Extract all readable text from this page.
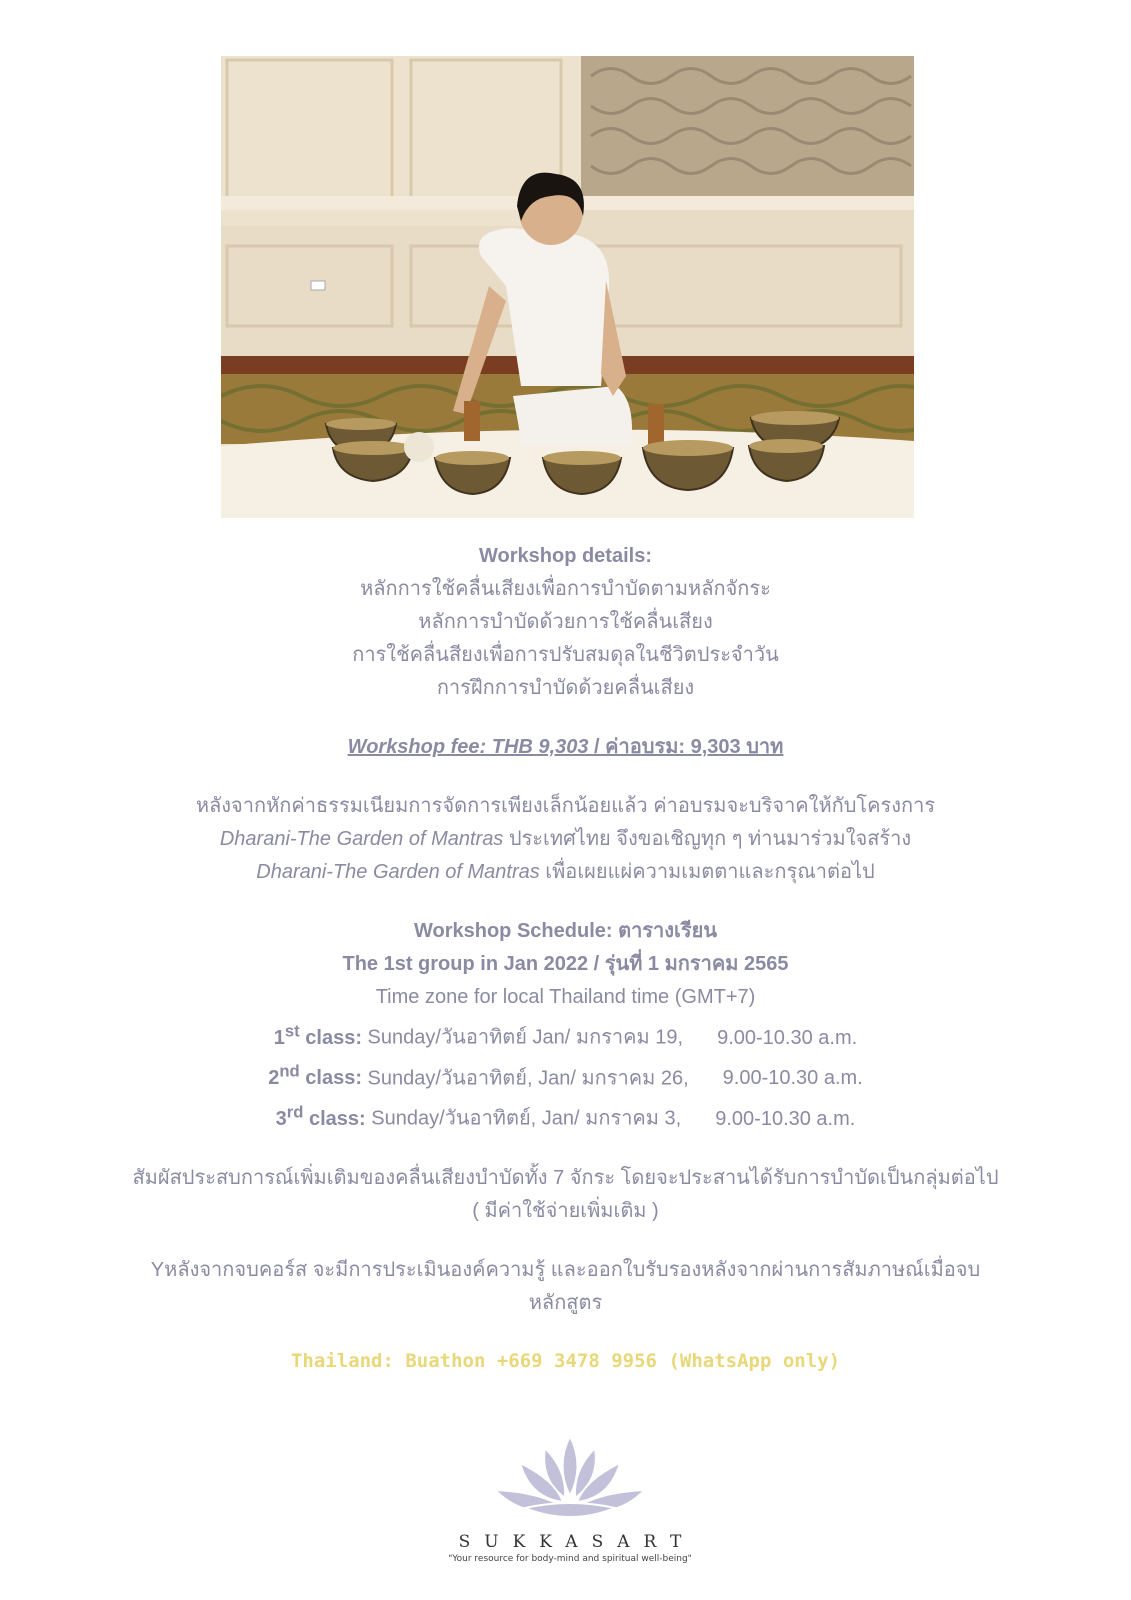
Workshop details:
หลักการใช้คลื่นเสียงเพื่อการบำบัดตามหลักจักระ
หลักการบำบัดด้วยการใช้คลื่นเสียง
การใช้คลื่นสียงเพื่อการปรับสมดุลในชีวิตประจำวัน
การฝึกการบำบัดด้วยคลื่นเสียง
Workshop fee: THB 9,303 / ค่าอบรม: 9,303 บาท
หลังจากหักค่าธรรมเนียมการจัดการเพียงเล็กน้อยแล้ว ค่าอบรมจะบริจาคให้กับโครงการ
Dharani-The Garden of Mantras ประเทศไทย จึงขอเชิญทุก ๆ ท่านมาร่วมใจสร้าง
Dharani-The Garden of Mantras เพื่อเผยแผ่ความเมตตาและกรุณาต่อไป
Workshop Schedule: ตารางเรียน
The 1st group in Jan 2022 / รุ่นที่ 1 มกราคม 2565
Time zone for local Thailand time (GMT+7)
1st class: Sunday/วันอาทิตย์ Jan/ มกราคม 19, 9.00-10.30 a.m.
2nd class: Sunday/วันอาทิตย์, Jan/ มกราคม 26, 9.00-10.30 a.m.
3rd class: Sunday/วันอาทิตย์, Jan/ มกราคม 3, 9.00-10.30 a.m.
สัมผัสประสบการณ์เพิ่มเติมของคลื่นเสียงบำบัดทั้ง 7 จักระ โดยจะประสานได้รับการบำบัดเป็นกลุ่มต่อไป
( มีค่าใช้จ่ายเพิ่มเติม )
Yหลังจากจบคอร์ส จะมีการประเมินองค์ความรู้ และออกใบรับรองหลังจากผ่านการสัมภาษณ์เมื่อจบ
หลักสูตร
Thailand: Buathon +669 3478 9956 (WhatsApp only)
SUKKASART
"Your resource for body-mind and spiritual well-being"
